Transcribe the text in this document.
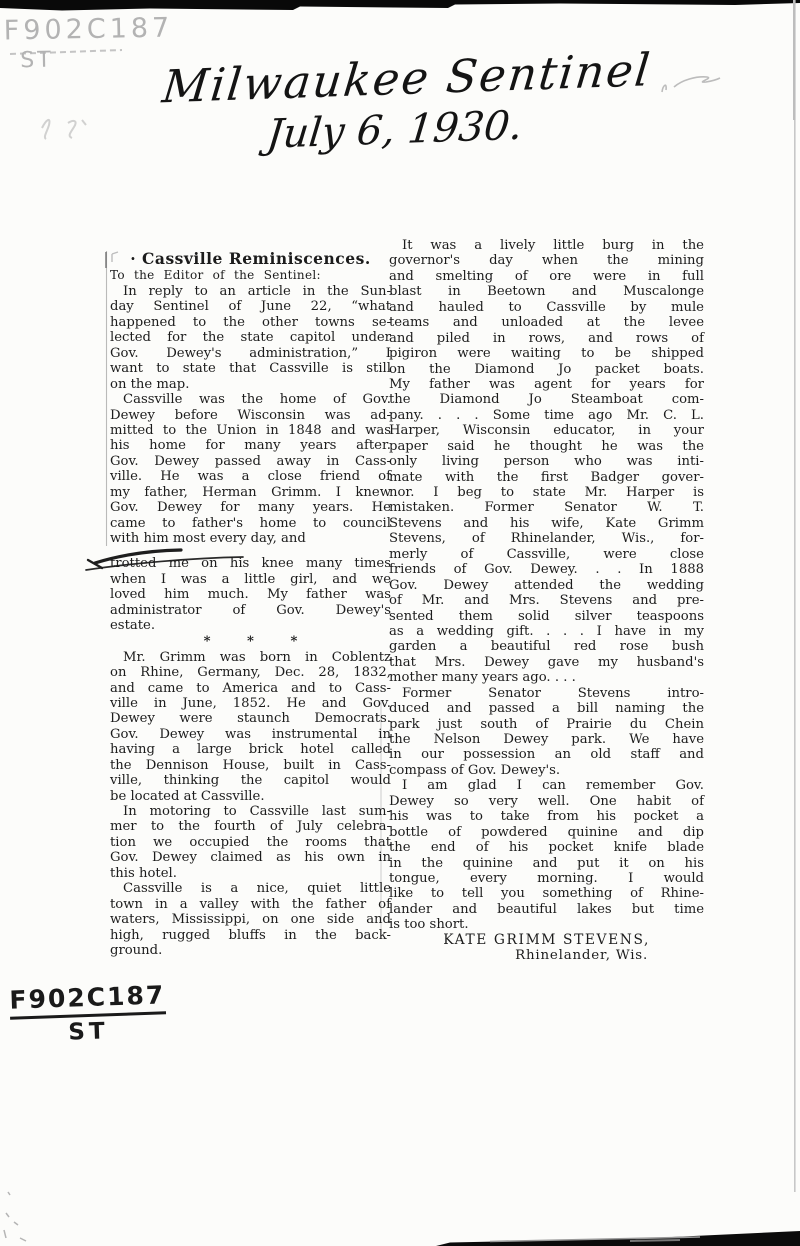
F902C187
ST	Milwaukee Sentinel
July 6, 1930.
· Cassville Reminiscences.
To the Editor of the Sentinel:
In reply to an article in the Sun-
day Sentinel of June 22, “what
happened to the other towns se-
lected for the state capitol under
Gov. Dewey's administration,” I
want to state that Cassville is still
on the map.
Cassville was the home of Gov.
Dewey before Wisconsin was ad-
mitted to the Union in 1848 and was
his home for many years after.
Gov. Dewey passed away in Cass-
ville. He was a close friend of
my father, Herman Grimm. I knew
Gov. Dewey for many years. He
came to father's home to council
with him most every day, and
trotted me on his knee many times
when I was a little girl, and we
loved him much. My father was
administrator of Gov. Dewey's
estate.
* * *
Mr. Grimm was born in Coblentz
on Rhine, Germany, Dec. 28, 1832,
and came to America and to Cass-
ville in June, 1852. He and Gov.
Dewey were staunch Democrats.
Gov. Dewey was instrumental in
having a large brick hotel called
the Dennison House, built in Cass-
ville, thinking the capitol would
be located at Cassville.
In motoring to Cassville last sum-
mer to the fourth of July celebra-
tion we occupied the rooms that
Gov. Dewey claimed as his own in
this hotel.
Cassville is a nice, quiet little
town in a valley with the father of
waters, Mississippi, on one side and
high, rugged bluffs in the back-
ground.
It was a lively little burg in the
governor's day when the mining
and smelting of ore were in full
blast in Beetown and Muscalonge
and hauled to Cassville by mule
teams and unloaded at the levee
and piled in rows, and rows of
pigiron were waiting to be shipped
on the Diamond Jo packet boats.
My father was agent for years for
the Diamond Jo Steamboat com-
pany. . . . Some time ago Mr. C. L.
Harper, Wisconsin educator, in your
paper said he thought he was the
only living person who was inti-
mate with the first Badger gover-
nor. I beg to state Mr. Harper is
mistaken. Former Senator W. T.
Stevens and his wife, Kate Grimm
Stevens, of Rhinelander, Wis., for-
merly of Cassville, were close
friends of Gov. Dewey. . . In 1888
Gov. Dewey attended the wedding
of Mr. and Mrs. Stevens and pre-
sented them solid silver teaspoons
as a wedding gift. . . . I have in my
garden a beautiful red rose bush
that Mrs. Dewey gave my husband's
mother many years ago. . . .
Former Senator Stevens intro-
duced and passed a bill naming the
park just south of Prairie du Chein
the Nelson Dewey park. We have
in our possession an old staff and
compass of Gov. Dewey's.
I am glad I can remember Gov.
Dewey so very well. One habit of
his was to take from his pocket a
bottle of powdered quinine and dip
the end of his pocket knife blade
in the quinine and put it on his
tongue, every morning. I would
like to tell you something of Rhine-
lander and beautiful lakes but time
is too short.
KATE GRIMM STEVENS,
Rhinelander, Wis.
F902C187
ST
